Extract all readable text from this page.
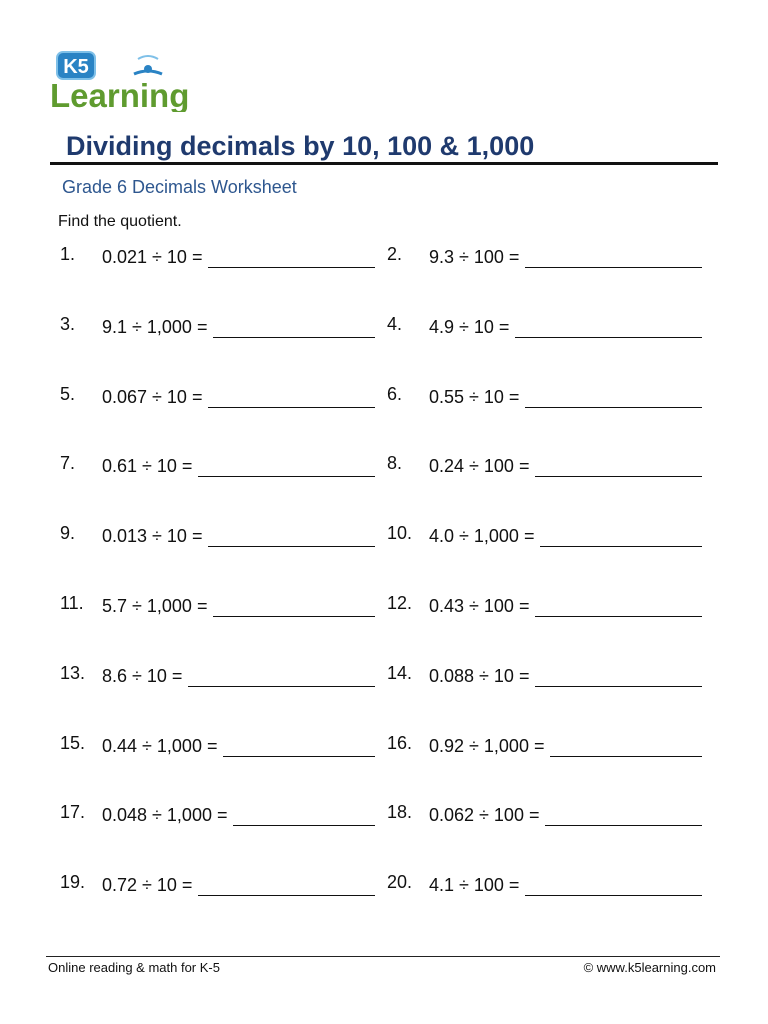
K5
Learning
Dividing decimals by 10, 100 & 1,000
Grade 6 Decimals Worksheet
Find the quotient.
1. 0.021 ÷ 10 =	2. 9.3 ÷ 100 =
3. 9.1 ÷ 1,000 =	4. 4.9 ÷ 10 =
5. 0.067 ÷ 10 =	6. 0.55 ÷ 10 =
7. 0.61 ÷ 10 =	8. 0.24 ÷ 100 =
9. 0.013 ÷ 10 =	10. 4.0 ÷ 1,000 =
11. 5.7 ÷ 1,000 =	12. 0.43 ÷ 100 =
13. 8.6 ÷ 10 =	14. 0.088 ÷ 10 =
15. 0.44 ÷ 1,000 =	16. 0.92 ÷ 1,000 =
17. 0.048 ÷ 1,000 =	18. 0.062 ÷ 100 =
19. 0.72 ÷ 10 =	20. 4.1 ÷ 100 =
Online reading & math for K-5	© www.k5learning.com
